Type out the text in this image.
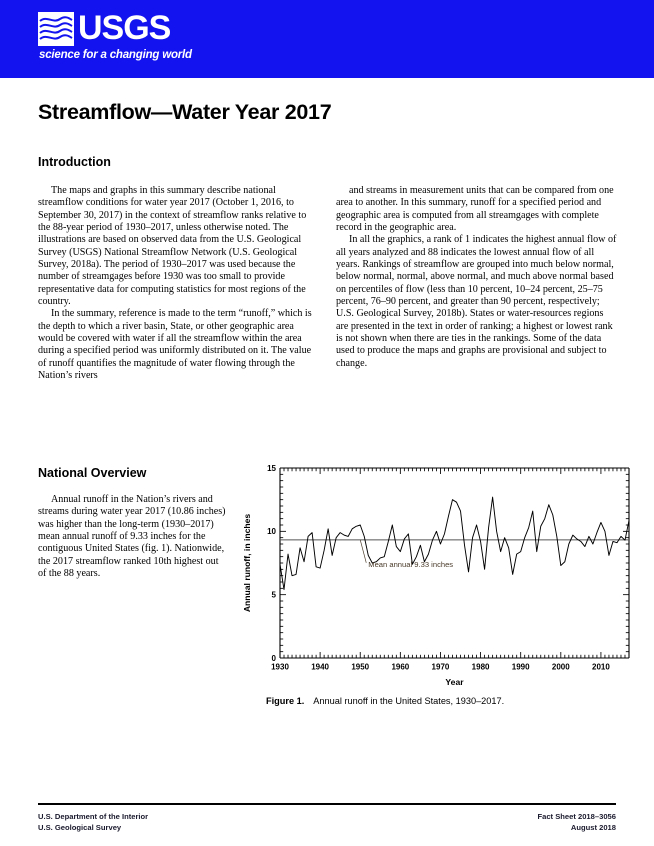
USGS
science for a changing world
Streamflow—Water Year 2017
Introduction

The maps and graphs in this summary describe national streamflow conditions for water year 2017 (October 1, 2016, to September 30, 2017) in the context of streamflow ranks relative to the 88-year period of 1930–2017, unless otherwise noted. The illustrations are based on observed data from the U.S. Geological Survey (USGS) National Streamflow Network (U.S. Geological Survey, 2018a). The period of 1930–2017 was used because the number of streamgages before 1930 was too small to provide representative data for computing statistics for most regions of the country.

In the summary, reference is made to the term “runoff,” which is the depth to which a river basin, State, or other geographic area would be covered with water if all the streamflow within the area during a specified period was uniformly distributed on it. The value of runoff quantifies the magnitude of water flowing through the Nation’s rivers

and streams in measurement units that can be compared from one area to another. In this summary, runoff for a specified period and geographic area is computed from all streamgages with complete record in the geographic area.

In all the graphics, a rank of 1 indicates the highest annual flow of all years analyzed and 88 indicates the lowest annual flow of all years. Rankings of streamflow are grouped into much below normal, below normal, normal, above normal, and much above normal based on percentiles of flow (less than 10 percent, 10–24 percent, 25–75 percent, 76–90 percent, and greater than 90 percent, respectively; U.S. Geological Survey, 2018b). States or water-resources regions are presented in the text in order of ranking; a highest or lowest rank is not shown when there are ties in the rankings. Some of the data used to produce the maps and graphs are provisional and subject to change.

National Overview

Annual runoff in the Nation’s rivers and streams during water year 2017 (10.86 inches) was higher than the long-term (1930–2017) mean annual runoff of 9.33 inches for the contiguous United States (fig. 1). Nationwide, the 2017 streamflow ranked 10th highest out of the 88 years.

1930	1940	1950	1960	1970	1980	1990	2000	2010
Year
0
5
10
15
Annual runoff, in inches	Mean annual 9.33 inches
Figure 1. Annual runoff in the United States, 1930–2017.
U.S. Department of the Interior
U.S. Geological Survey
Fact Sheet 2018–3056
August 2018
